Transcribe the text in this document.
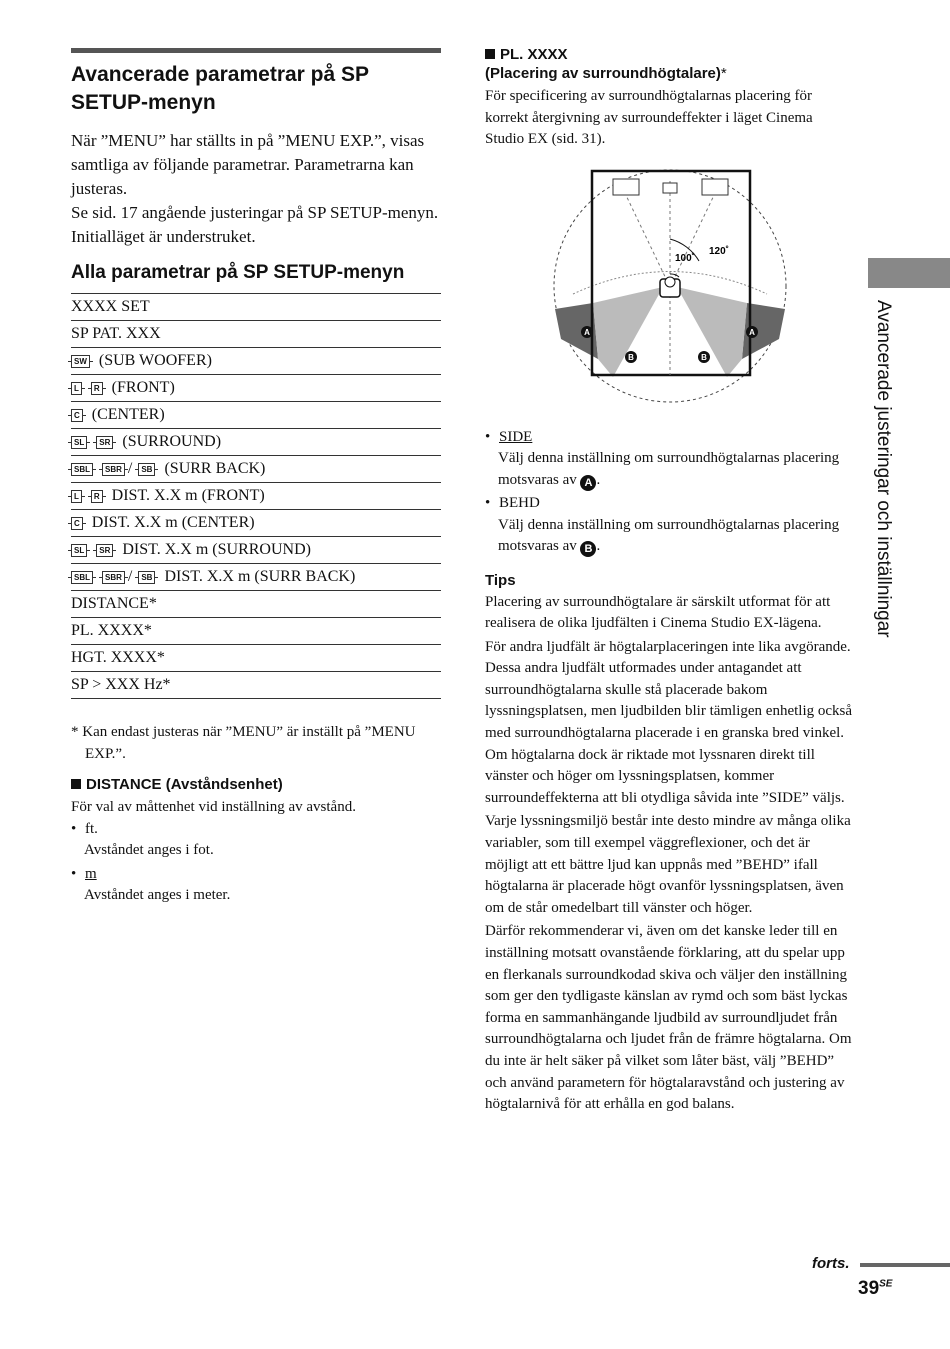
Avancerade parametrar på SP SETUP-menyn

När ”MENU” har ställts in på ”MENU EXP.”, visas samtliga av följande parametrar. Parametrarna kan justeras.

Se sid. 17 angående justeringar på SP SETUP-menyn. Initialläget är understruket.

Alla parametrar på SP SETUP-menyn
XXXX SET
SP PAT. XXX
SW (SUB WOOFER)
L R (FRONT)
C (CENTER)
SL SR (SURROUND)
SBL SBR / SB (SURR BACK)
L R DIST. X.X m (FRONT)
C DIST. X.X m (CENTER)
SL SR DIST. X.X m (SURROUND)
SBL SBR / SB DIST. X.X m (SURR BACK)
DISTANCE*
PL. XXXX*
HGT. XXXX*
SP > XXX Hz*

* Kan endast justeras när ”MENU” är inställt på ”MENU EXP.”.

DISTANCE (Avståndsenhet)

För val av måttenhet vid inställning av avstånd.

• ft.

Avståndet anges i fot.

• m

Avståndet anges i meter.

PL. XXXX
(Placering av surroundhögtalare)*

För specificering av surroundhögtalarnas placering för korrekt återgivning av surroundeffekter i läget Cinema Studio EX (sid. 31).

100˚
120˚
A	A
B	B

• SIDE

Välj denna inställning om surroundhögtalarnas placering motsvaras av A .

• BEHD

Välj denna inställning om surroundhögtalarnas placering motsvaras av B .

Tips

Placering av surroundhögtalare är särskilt utformat för att realisera de olika ljudfälten i Cinema Studio EX-lägena.

För andra ljudfält är högtalarplaceringen inte lika avgörande. Dessa andra ljudfält utformades under antagandet att surroundhögtalarna skulle stå placerade bakom lyssningsplatsen, men ljudbilden blir tämligen enhetlig också med surroundhögtalarna placerade i en granska bred vinkel. Om högtalarna dock är riktade mot lyssnaren direkt till vänster och höger om lyssningsplatsen, kommer surroundeffekterna att bli otydliga såvida inte ”SIDE” väljs.

Varje lyssningsmiljö består inte desto mindre av många olika variabler, som till exempel väggreflexioner, och det är möjligt att ett bättre ljud kan uppnås med ”BEHD” ifall högtalarna är placerade högt ovanför lyssningsplatsen, även om de står omedelbart till vänster och höger.

Därför rekommenderar vi, även om det kanske leder till en inställning motsatt ovanstående förklaring, att du spelar upp en flerkanals surroundkodad skiva och väljer den inställning som ger den tydligaste känslan av rymd och som bäst lyckas forma en sammanhängande ljudbild av surroundljudet från surroundhögtalarna och ljudet från de främre högtalarna. Om du inte är helt säker på vilket som låter bäst, välj ”BEHD” och använd parametern för högtalaravstånd och justering av högtalarnivå för att erhålla en god balans.

Avancerade justeringar och inställningar
forts.
$39^{SE}$
